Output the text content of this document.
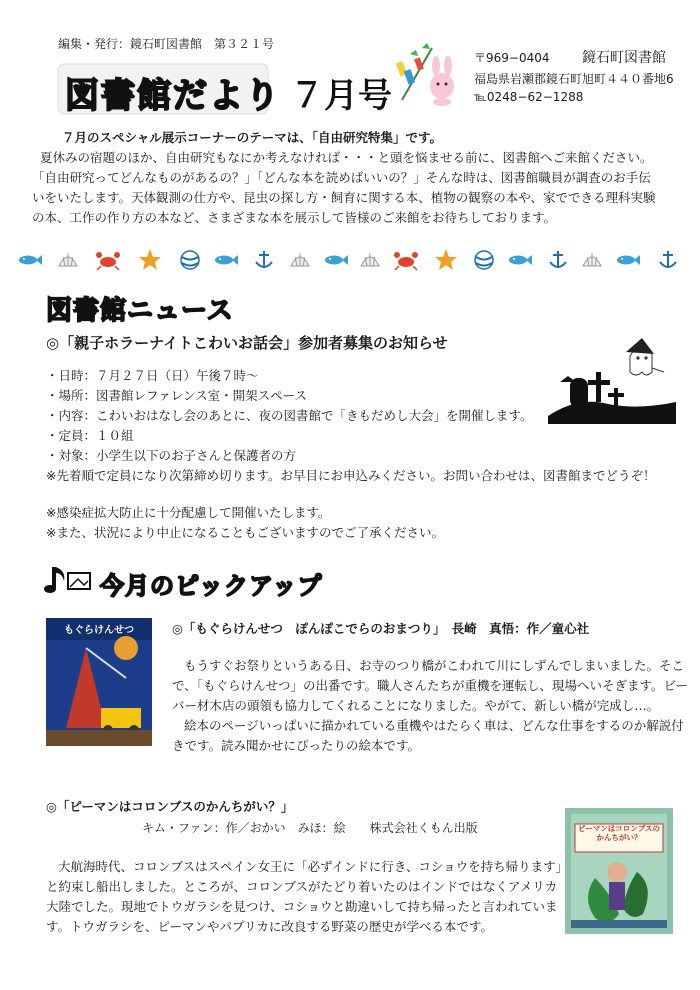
編集・発行：鏡石町図書館　第３２１号
図書館だより ７月号
〒969−0404 鏡石町図書館
福島県岩瀬郡鏡石町旭町４４０番地6
℡0248−62−1288
７月のスペシャル展示コーナーのテーマは、「自由研究特集」です。
夏休みの宿題のほか、自由研究もなにか考えなければ・・・と頭を悩ませる前に、図書館へご来館ください。
「自由研究ってどんなものがあるの？」「どんな本を読めばいいの？」そんな時は、図書館職員が調査のお手伝
いをいたします。天体観測の仕方や、昆虫の探し方・飼育に関する本、植物の観察の本や、家でできる理科実験
の本、工作の作り方の本など、さまざまな本を展示して皆様のご来館をお待ちしております。
図書館ニュース
◎「親子ホラーナイトこわいお話会」参加者募集のお知らせ
・日時：７月２７日（日）午後７時～
・場所：図書館レファレンス室・開架スペース
・内容：こわいおはなし会のあとに、夜の図書館で「きもだめし大会」を開催します。
・定員：１０組
・対象：小学生以下のお子さんと保護者の方
※先着順で定員になり次第締め切ります。お早目にお申込みください。お問い合わせは、図書館までどうぞ！
※感染症拡大防止に十分配慮して開催いたします。
※また、状況により中止になることもございますのでご了承ください。
今月のピックアップ
もぐらけんせつ	◎「もぐらけんせつ　ぽんぽこでらのおまつり」　長崎　真悟：作／童心社
もうすぐお祭りというある日、お寺のつり橋がこわれて川にしずんでしまいました。そこ
で、「もぐらけんせつ」の出番です。職人さんたちが重機を運転し、現場へいそぎます。ビー
バー材木店の頭領も協力してくれることになりました。やがて、新しい橋が完成し…。
絵本のページいっぱいに描かれている重機やはたらく車は、どんな仕事をするのか解説付
きです。読み聞かせにぴったりの絵本です。
◎「ピーマンはコロンブスのかんちがい？」
キム・ファン：作／おかい　みほ：絵　　株式会社くもん出版	ピーマンはコロンブスのかんちがい？
大航海時代、コロンブスはスペイン女王に「必ずインドに行き、コショウを持ち帰ります」
と約束し船出しました。ところが、コロンブスがたどり着いたのはインドではなくアメリカ
大陸でした。現地でトウガラシを見つけ、コショウと勘違いして持ち帰ったと言われていま
す。トウガラシを、ピーマンやパプリカに改良する野菜の歴史が学べる本です。
